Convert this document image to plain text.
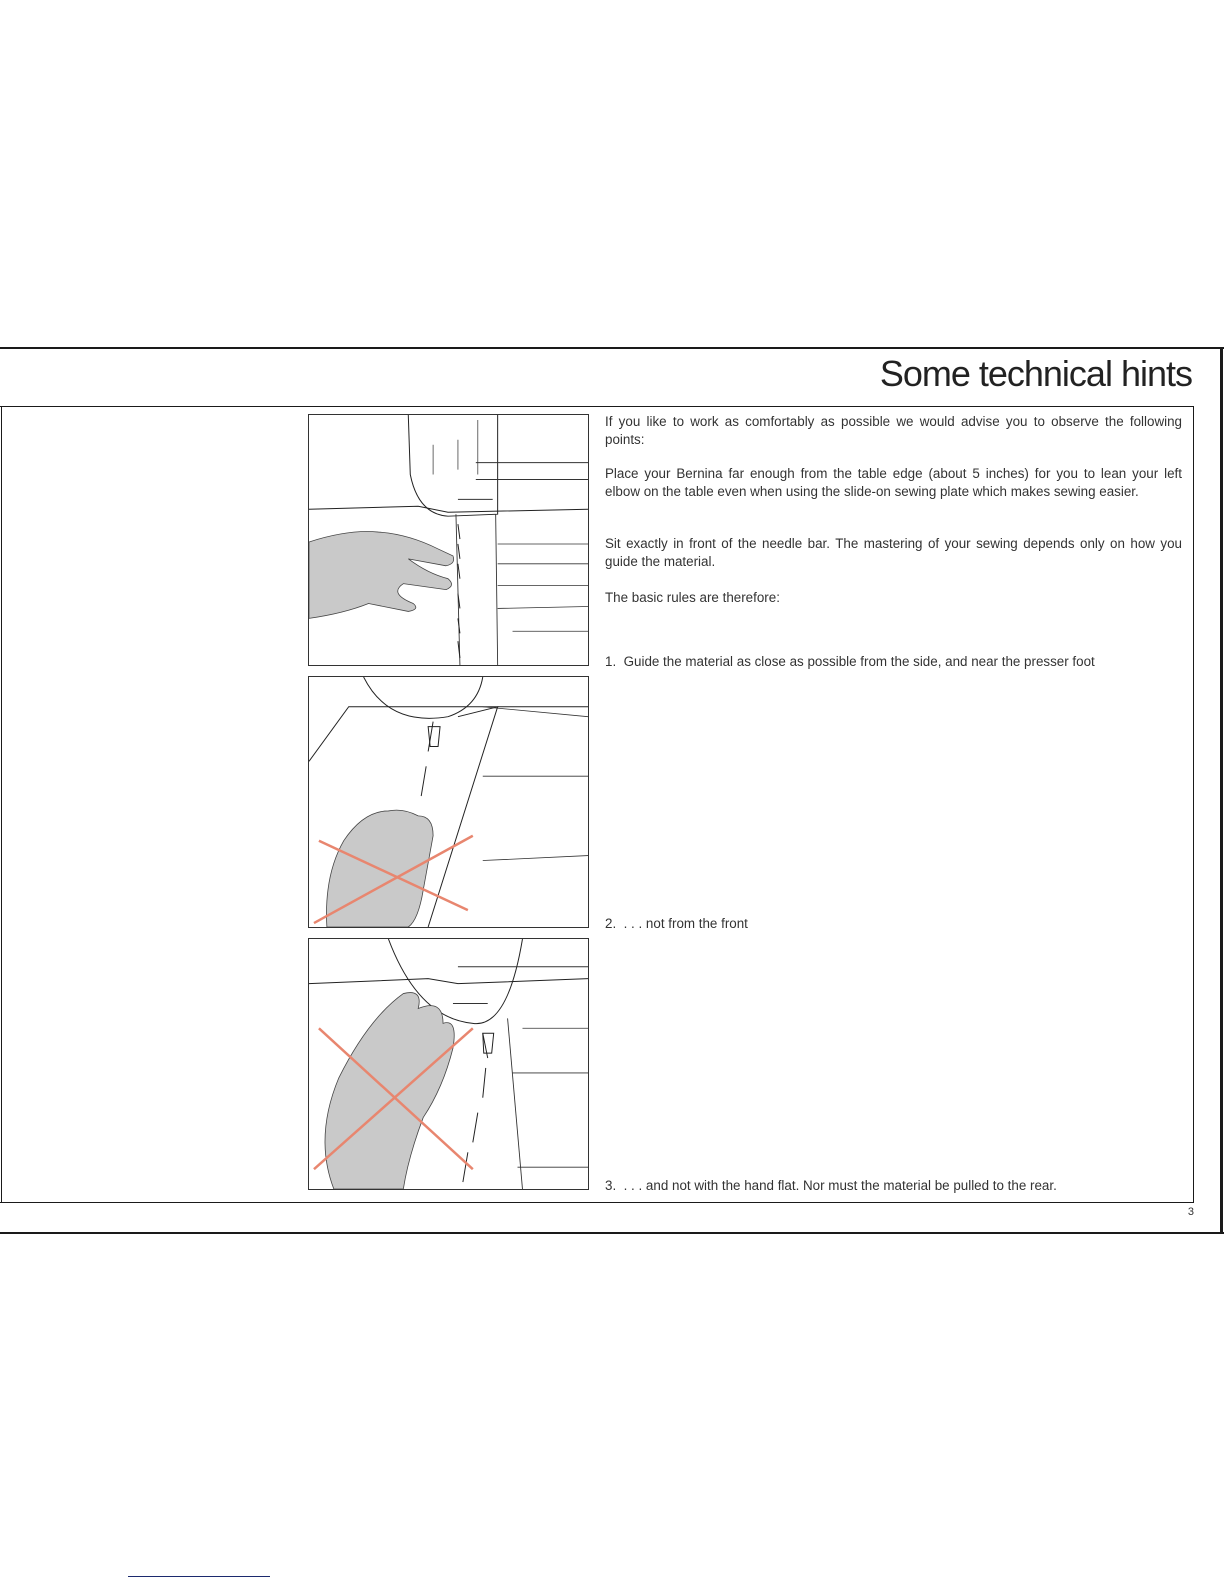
Some technical hints

If you like to work as comfortably as possible we would advise you to observe the following points:

Place your Bernina far enough from the table edge (about 5 inches) for you to lean your left elbow on the table even when using the slide-on sewing plate which makes sewing easier.

Sit exactly in front of the needle bar. The mastering of your sewing depends only on how you guide the material.

The basic rules are therefore:

1.  Guide the material as close as possible from the side, and near the presser foot

2.  . . . not from the front

3.  . . . and not with the hand flat. Nor must the material be pulled to the rear.

3
